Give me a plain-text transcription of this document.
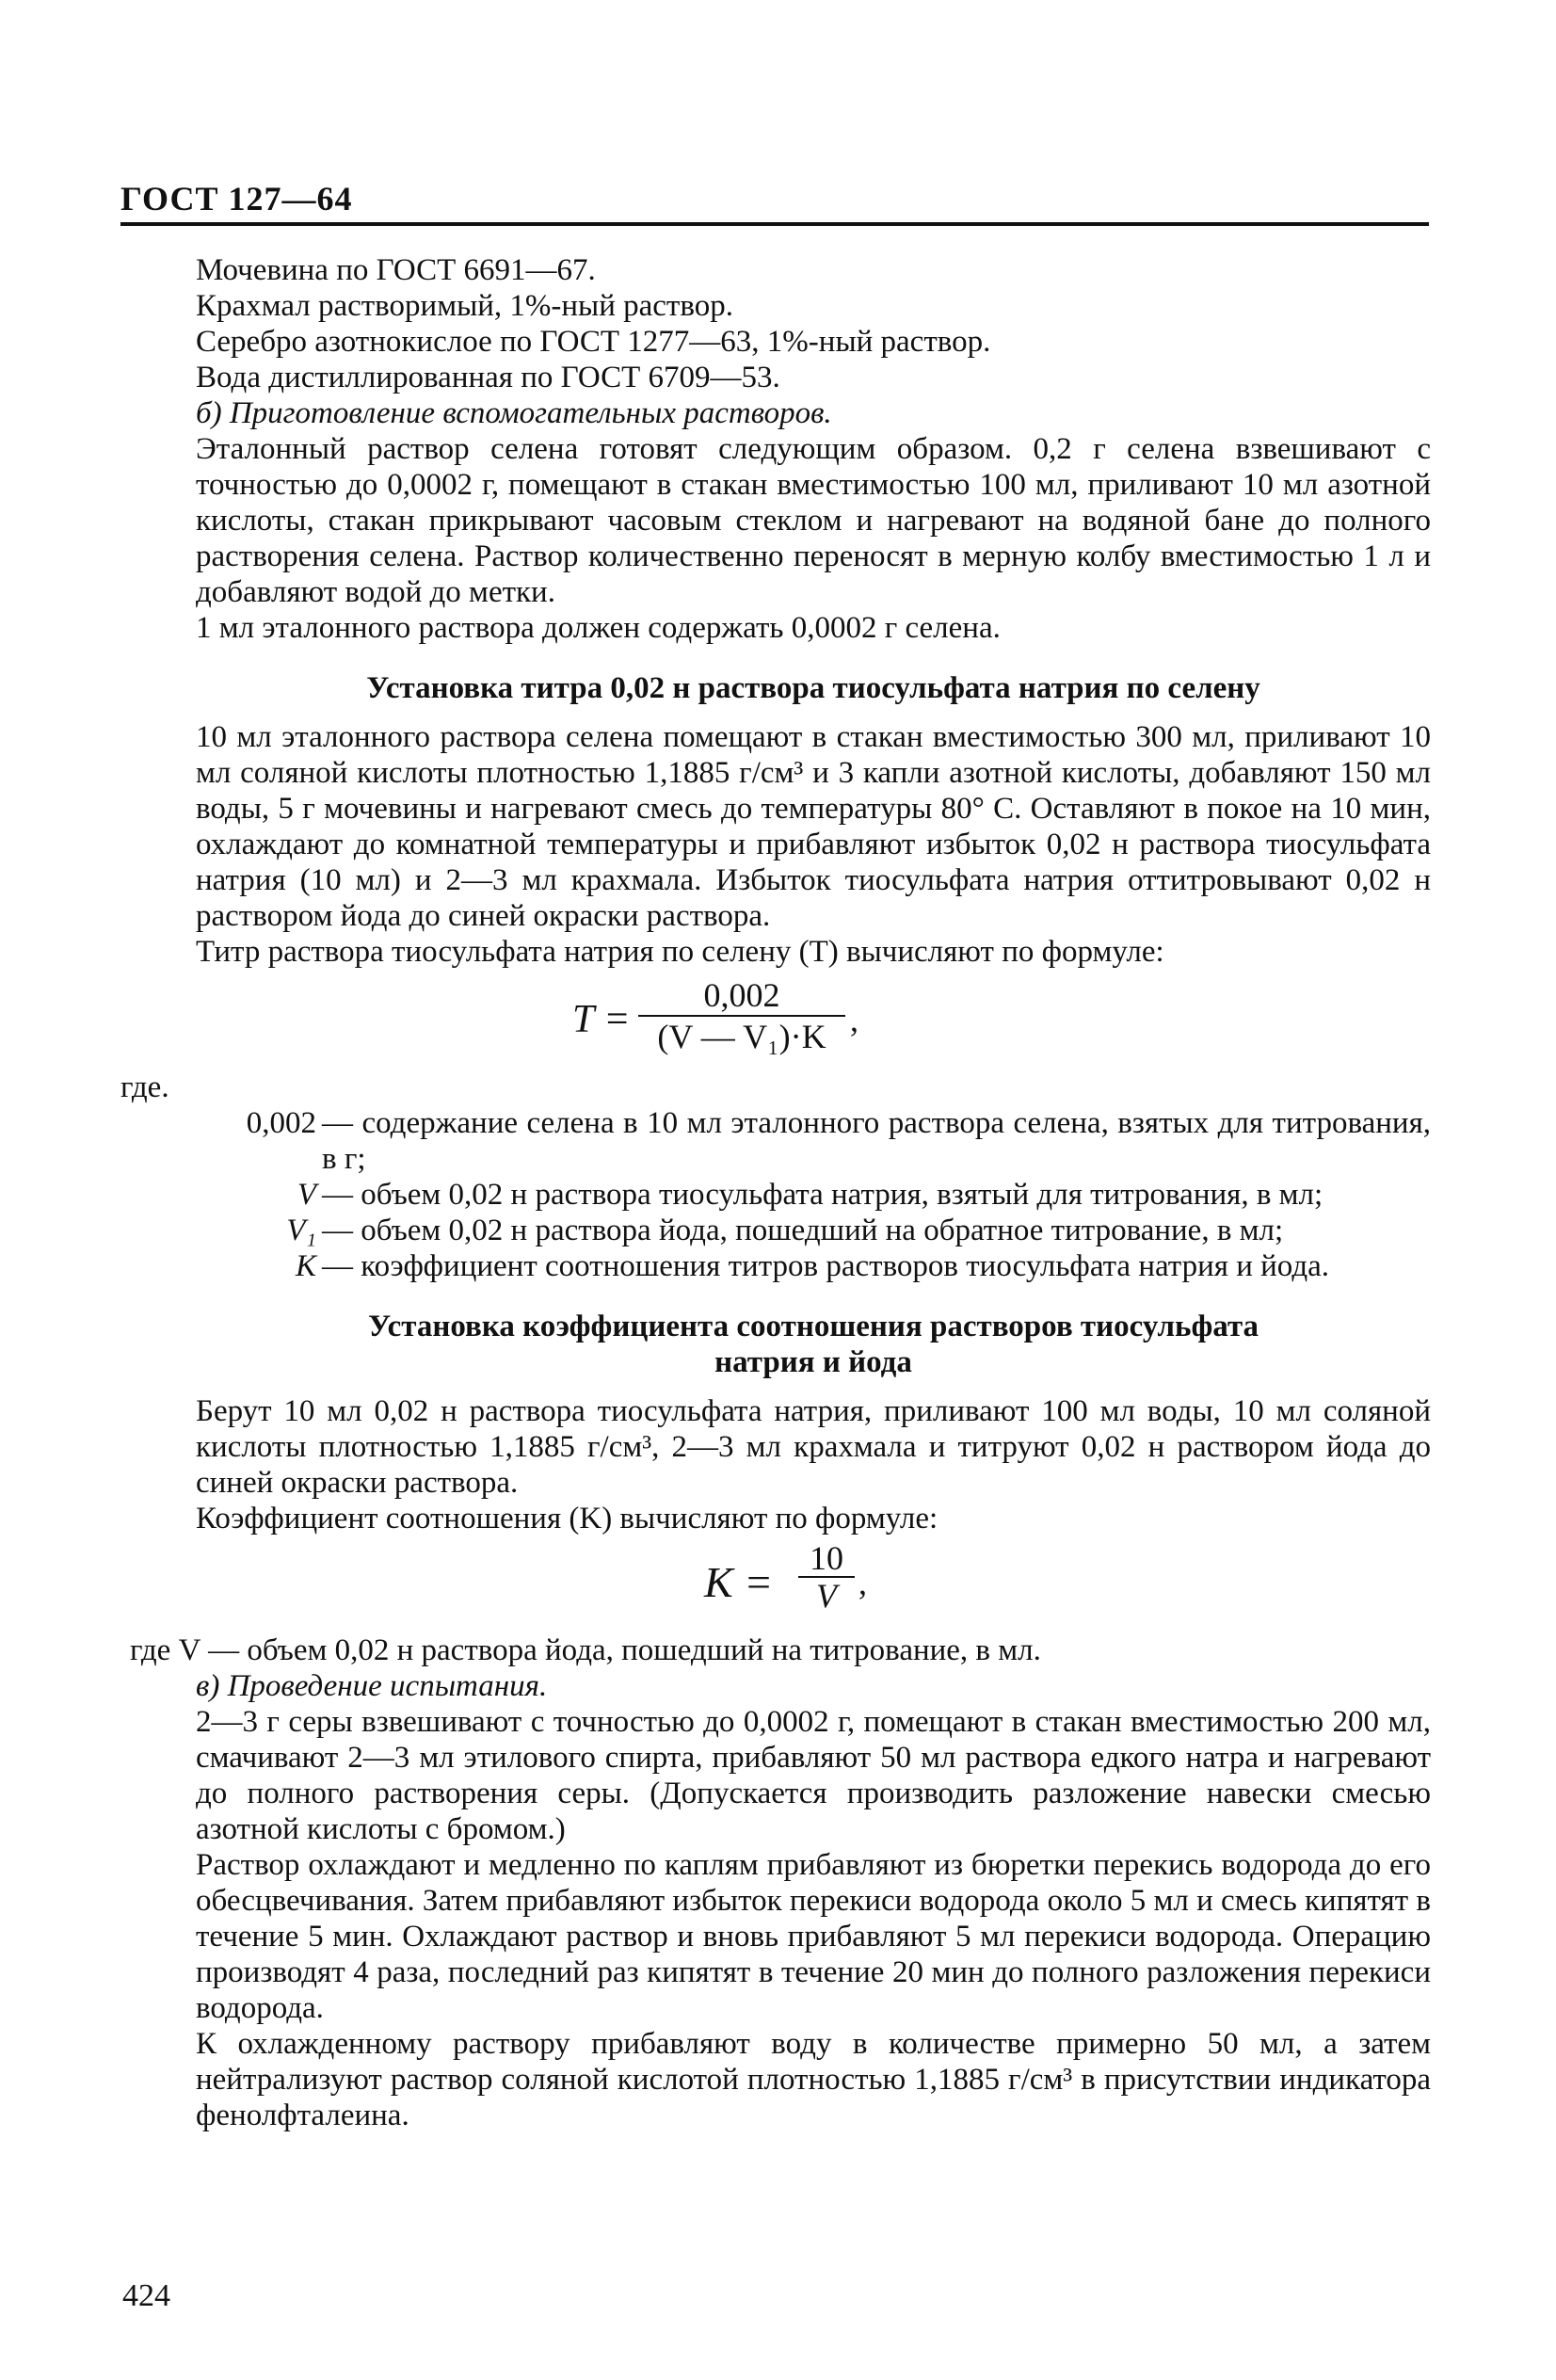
ГОСТ 127—64

Мочевина по ГОСТ 6691—67.

Крахмал растворимый, 1%-ный раствор.

Серебро азотнокислое по ГОСТ 1277—63, 1%-ный раствор.

Вода дистиллированная по ГОСТ 6709—53.

б) Приготовление вспомогательных растворов.

Эталонный раствор селена готовят следующим образом. 0,2 г селена взвешивают с точностью до 0,0002 г, помещают в стакан вместимостью 100 мл, приливают 10 мл азотной кислоты, стакан прикрывают часовым стеклом и нагревают на водяной бане до полного растворения селена. Раствор количественно переносят в мерную колбу вместимостью 1 л и добавляют водой до метки.

1 мл эталонного раствора должен содержать 0,0002 г селена.

Установка титра 0,02 н раствора тиосульфата натрия по селену

10 мл эталонного раствора селена помещают в стакан вместимостью 300 мл, приливают 10 мл соляной кислоты плотностью 1,1885 г/см³ и 3 капли азотной кислоты, добавляют 150 мл воды, 5 г мочевины и нагревают смесь до температуры 80° С. Оставляют в покое на 10 мин, охлаждают до комнатной температуры и прибавляют избыток 0,02 н раствора тиосульфата натрия (10 мл) и 2—3 мл крахмала. Избыток тиосульфата натрия оттитровывают 0,02 н раствором йода до синей окраски раствора.

Титр раствора тиосульфата натрия по селену (T) вычисляют по формуле:

$T = \frac{0,002}{\text{(V — V₁)·K}}$ ,

где.

0,002 — содержание селена в 10 мл эталонного раствора селена, взятых для титрования, в г;
V — объем 0,02 н раствора тиосульфата натрия, взятый для титрования, в мл;
V₁ — объем 0,02 н раствора йода, пошедший на обратное титрование, в мл;
K — коэффициент соотношения титров растворов тиосульфата натрия и йода.

Установка коэффициента соотношения растворов тиосульфата

натрия и йода

Берут 10 мл 0,02 н раствора тиосульфата натрия, приливают 100 мл воды, 10 мл соляной кислоты плотностью 1,1885 г/см³, 2—3 мл крахмала и титруют 0,02 н раствором йода до синей окраски раствора.

Коэффициент соотношения (K) вычисляют по формуле:

$K = \frac{10}{V}$ ,

где V — объем 0,02 н раствора йода, пошедший на титрование, в мл.

в) Проведение испытания.

2—3 г серы взвешивают с точностью до 0,0002 г, помещают в стакан вместимостью 200 мл, смачивают 2—3 мл этилового спирта, прибавляют 50 мл раствора едкого натра и нагревают до полного растворения серы. (Допускается производить разложение навески смесью азотной кислоты с бромом.)

Раствор охлаждают и медленно по каплям прибавляют из бюретки перекись водорода до его обесцвечивания. Затем прибавляют избыток перекиси водорода около 5 мл и смесь кипятят в течение 5 мин. Охлаждают раствор и вновь прибавляют 5 мл перекиси водорода. Операцию производят 4 раза, последний раз кипятят в течение 20 мин до полного разложения перекиси водорода.

К охлажденному раствору прибавляют воду в количестве примерно 50 мл, а затем нейтрализуют раствор соляной кислотой плотностью 1,1885 г/см³ в присутствии индикатора фенолфталеина.

424
